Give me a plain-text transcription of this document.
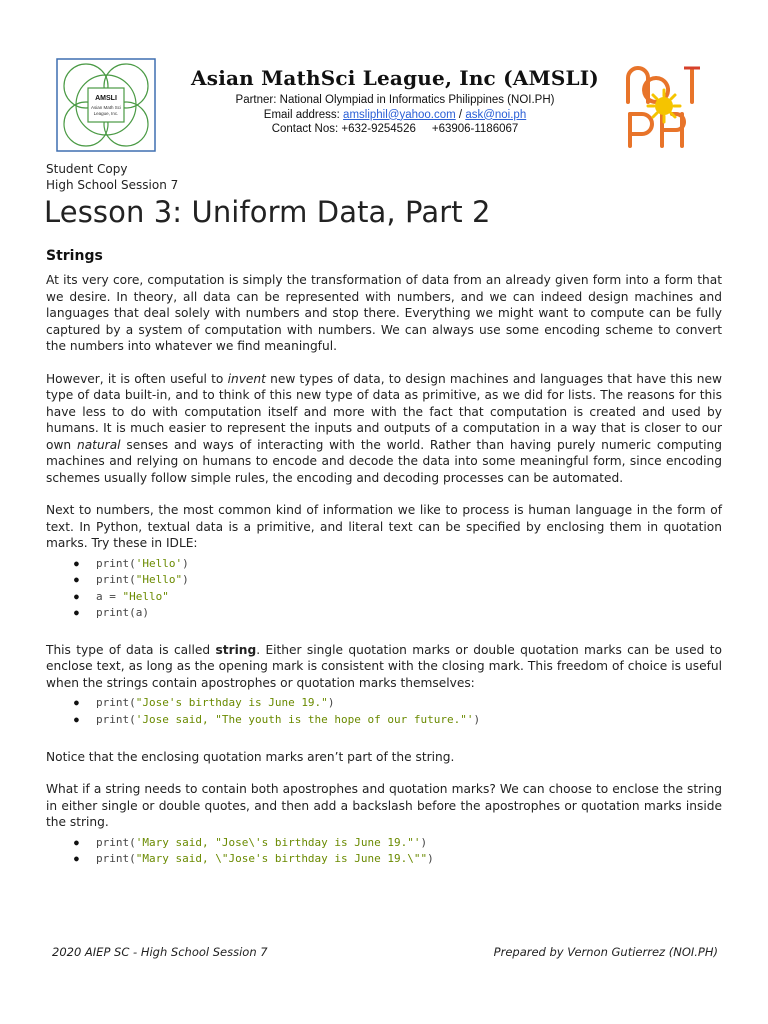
AMSLI
Asian Math Sci
League, Inc.
Asian MathSci League, Inc (AMSLI)
Partner: National Olympiad in Informatics Philippines (NOI.PH)
Email address: amsliphil@yahoo.com / ask@noi.ph
Contact Nos: +632-9254526     +63906-1186067
Student Copy
High School Session 7
Lesson 3: Uniform Data, Part 2
Strings

At its very core, computation is simply the transformation of data from an already given form into a form that we desire. In theory, all data can be represented with numbers, and we can indeed design machines and languages that deal solely with numbers and stop there. Everything we might want to compute can be fully captured by a system of computation with numbers. We can always use some encoding scheme to convert the numbers into whatever we find meaningful.

However, it is often useful to invent new types of data, to design machines and languages that have this new type of data built-in, and to think of this new type of data as primitive, as we did for lists. The reasons for this have less to do with computation itself and more with the fact that computation is created and used by humans. It is much easier to represent the inputs and outputs of a computation in a way that is closer to our own natural senses and ways of interacting with the world. Rather than having purely numeric computing machines and relying on humans to encode and decode the data into some meaningful form, since encoding schemes usually follow simple rules, the encoding and decoding processes can be automated.

Next to numbers, the most common kind of information we like to process is human language in the form of text. In Python, textual data is a primitive, and literal text can be specified by enclosing them in quotation marks. Try these in IDLE:

● print('Hello')
● print("Hello")
● a = "Hello"
● print(a)

This type of data is called string. Either single quotation marks or double quotation marks can be used to enclose text, as long as the opening mark is consistent with the closing mark. This freedom of choice is useful when the strings contain apostrophes or quotation marks themselves:

● print("Jose's birthday is June 19.")
● print('Jose said, "The youth is the hope of our future."')

Notice that the enclosing quotation marks aren’t part of the string.

What if a string needs to contain both apostrophes and quotation marks? We can choose to enclose the string in either single or double quotes, and then add a backslash before the apostrophes or quotation marks inside the string.

● print('Mary said, "Jose\'s birthday is June 19."')
● print("Mary said, \"Jose's birthday is June 19.\"")
2020 AIEP SC - High School Session 7	Prepared by Vernon Gutierrez (NOI.PH)
